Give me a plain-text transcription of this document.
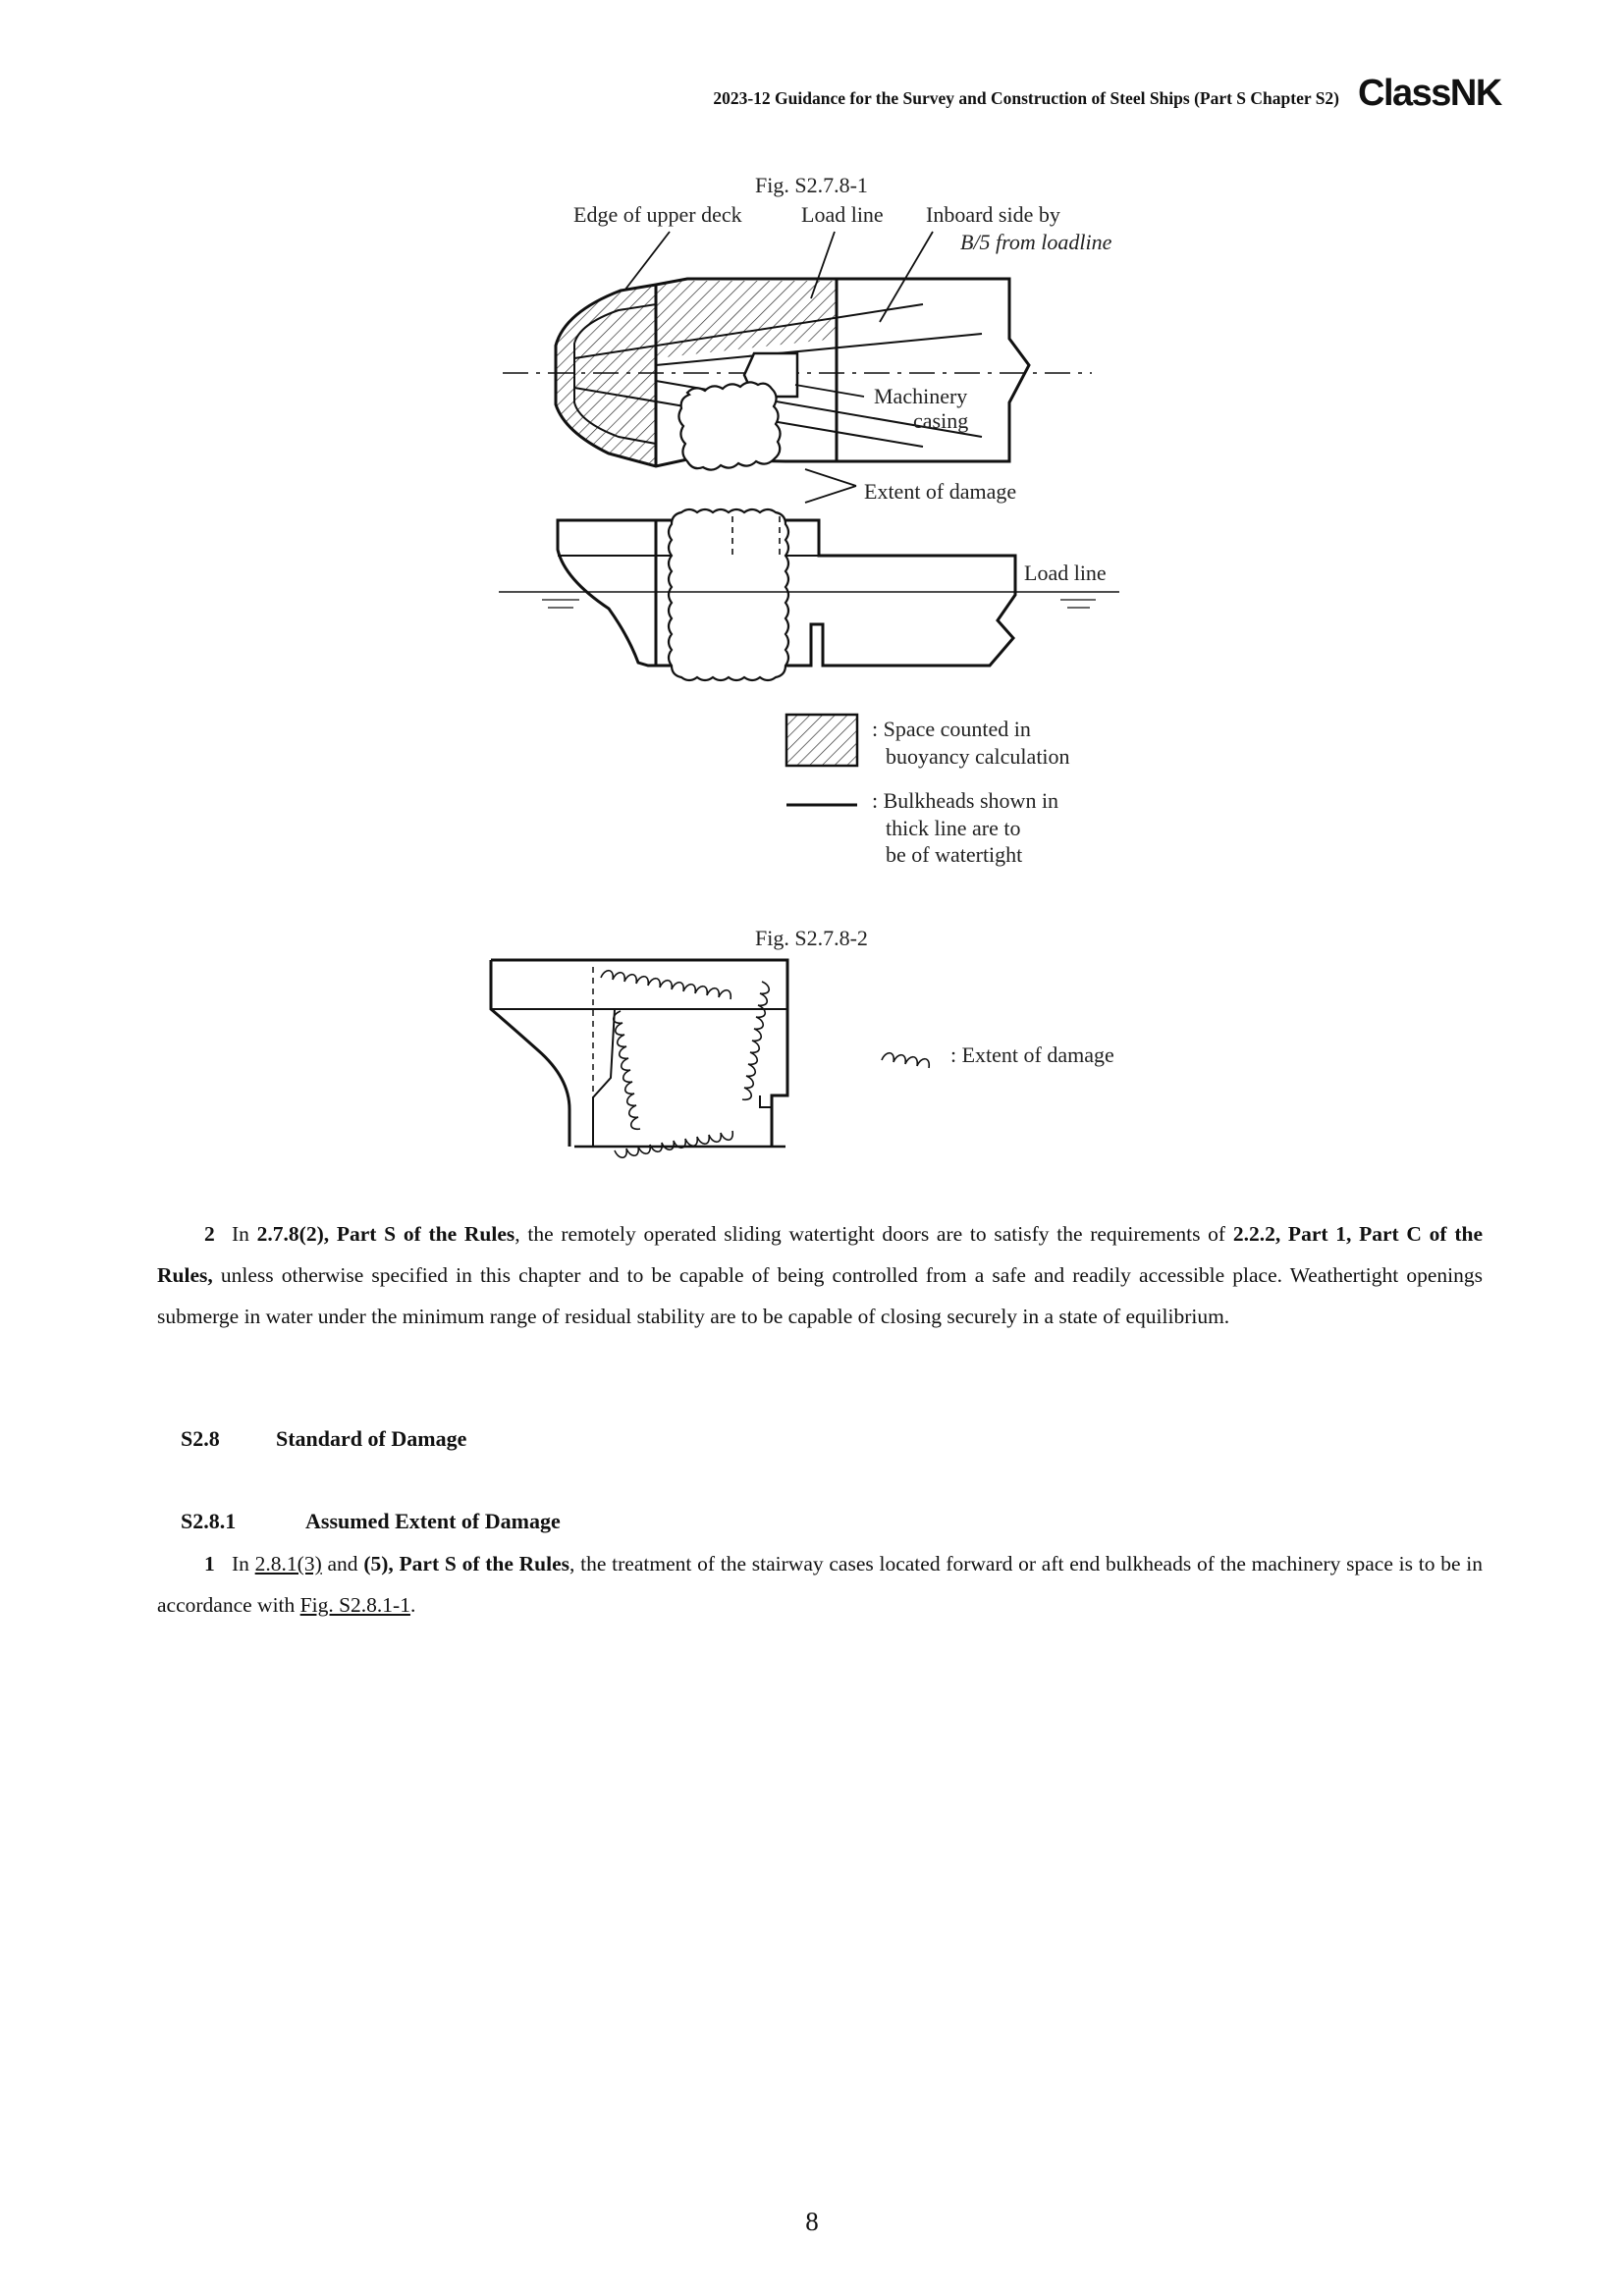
2023-12 Guidance for the Survey and Construction of Steel Ships (Part S Chapter S2) ClassNK
Fig. S2.7.8-1
Edge of upper deck	Load line Inboard side by
B/5 from loadline
Machinery
casing
Extent of damage
Load line
: Space counted in
buoyancy calculation
: Bulkheads shown in
thick line are to
be of watertight
Fig. S2.7.8-2
: Extent of damage
2 In 2.7.8(2), Part S of the Rules, the remotely operated sliding watertight doors are to satisfy the requirements of 2.2.2, Part 1, Part C of the Rules, unless otherwise specified in this chapter and to be capable of being controlled from a safe and readily accessible place. Weathertight openings submerge in water under the minimum range of residual stability are to be capable of closing securely in a state of equilibrium.
S2.8	Standard of Damage
S2.8.1	Assumed Extent of Damage
1 In 2.8.1(3) and (5), Part S of the Rules, the treatment of the stairway cases located forward or aft end bulkheads of the machinery space is to be in accordance with Fig. S2.8.1-1.
8
